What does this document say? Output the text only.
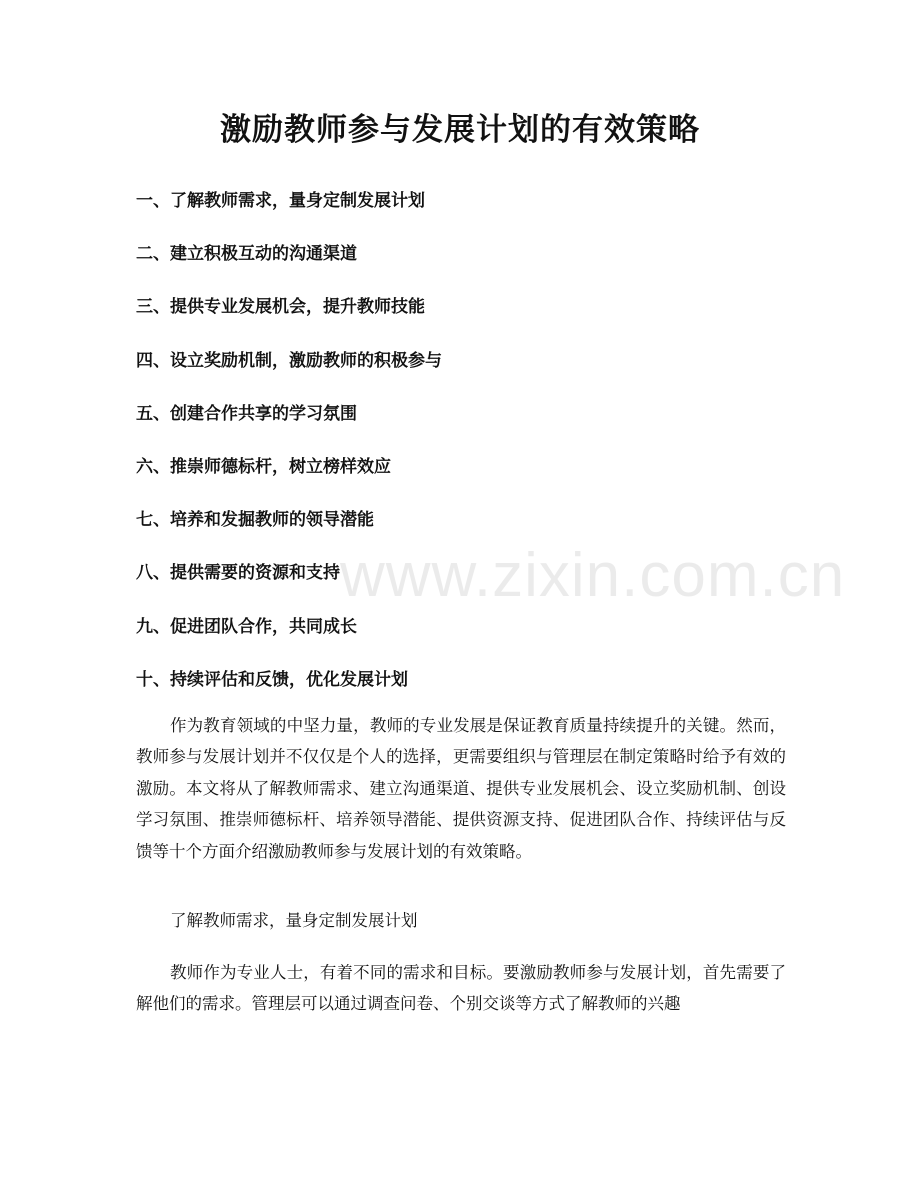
激励教师参与发展计划的有效策略
一、了解教师需求，量身定制发展计划
二、建立积极互动的沟通渠道
三、提供专业发展机会，提升教师技能
四、设立奖励机制，激励教师的积极参与
五、创建合作共享的学习氛围
六、推崇师德标杆，树立榜样效应
七、培养和发掘教师的领导潜能
八、提供需要的资源和支持
九、促进团队合作，共同成长
十、持续评估和反馈，优化发展计划
作为教育领域的中坚力量，教师的专业发展是保证教育质量持续提升的关键。然而，教师参与发展计划并不仅仅是个人的选择，更需要组织与管理层在制定策略时给予有效的激励。本文将从了解教师需求、建立沟通渠道、提供专业发展机会、设立奖励机制、创设学习氛围、推崇师德标杆、培养领导潜能、提供资源支持、促进团队合作、持续评估与反馈等十个方面介绍激励教师参与发展计划的有效策略。
了解教师需求，量身定制发展计划
教师作为专业人士，有着不同的需求和目标。要激励教师参与发展计划，首先需要了解他们的需求。管理层可以通过调查问卷、个别交谈等方式了解教师的兴趣
www.zixin.com.cn
